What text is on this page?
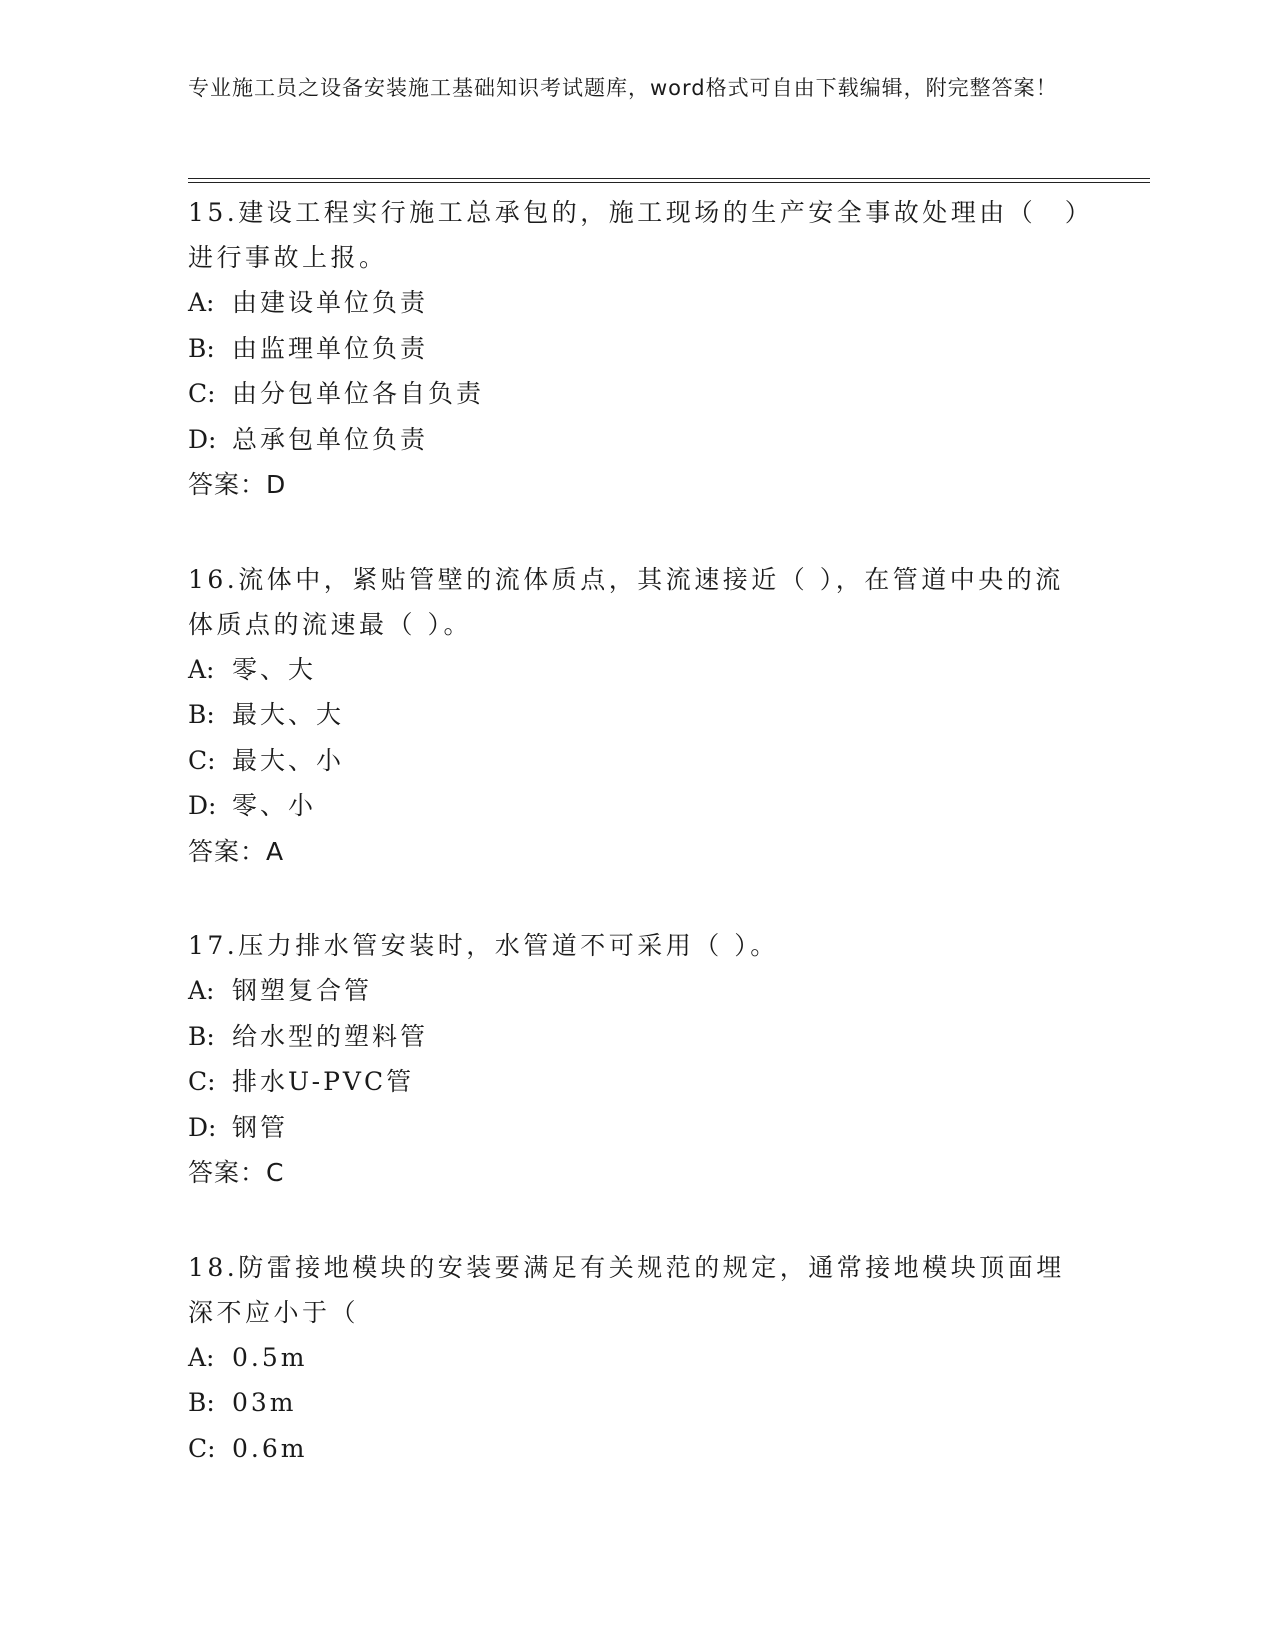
专业施工员之设备安装施工基础知识考试题库，word格式可自由下载编辑，附完整答案！
15.建设工程实行施工总承包的，施工现场的生产安全事故处理由（　）进行事故上报。
A: 由建设单位负责
B: 由监理单位负责
C: 由分包单位各自负责
D: 总承包单位负责
答案：D
16.流体中，紧贴管壁的流体质点，其流速接近（ ），在管道中央的流体质点的流速最（ ）。
A: 零、大
B: 最大、大
C: 最大、小
D: 零、小
答案：A
17.压力排水管安装时，水管道不可采用（ ）。
A: 钢塑复合管
B: 给水型的塑料管
C: 排水U-PVC管
D: 钢管
答案：C
18.防雷接地模块的安装要满足有关规范的规定，通常接地模块顶面埋深不应小于（
A: 0.5m
B: 03m
C: 0.6m
